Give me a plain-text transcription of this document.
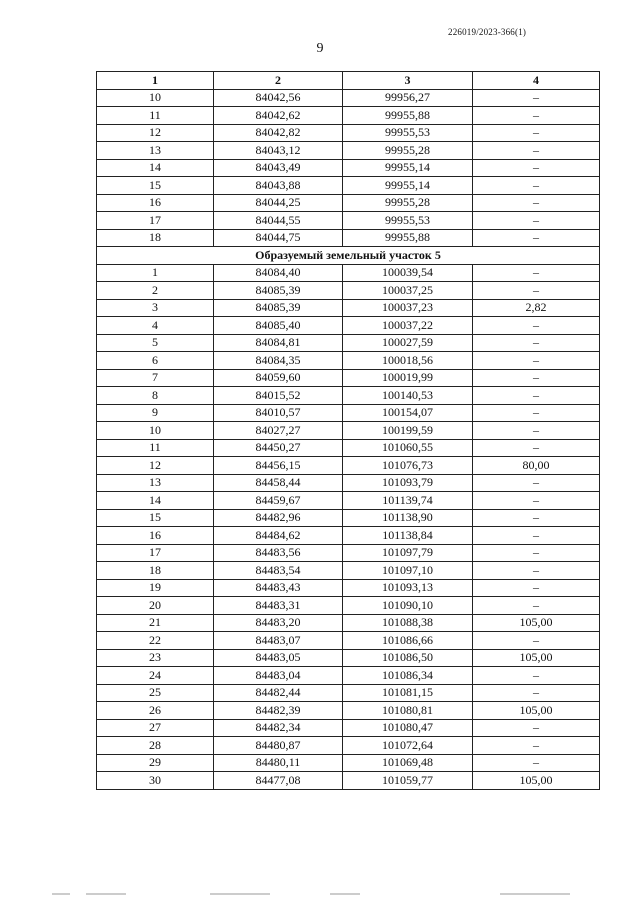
226019/2023-366(1)
9
1	2	3	4
10	84042,56	99956,27	–
11	84042,62	99955,88	–
12	84042,82	99955,53	–
13	84043,12	99955,28	–
14	84043,49	99955,14	–
15	84043,88	99955,14	–
16	84044,25	99955,28	–
17	84044,55	99955,53	–
18	84044,75	99955,88	–
Образуемый земельный участок 5			
1	84084,40	100039,54	–
2	84085,39	100037,25	–
3	84085,39	100037,23	2,82
4	84085,40	100037,22	–
5	84084,81	100027,59	–
6	84084,35	100018,56	–
7	84059,60	100019,99	–
8	84015,52	100140,53	–
9	84010,57	100154,07	–
10	84027,27	100199,59	–
11	84450,27	101060,55	–
12	84456,15	101076,73	80,00
13	84458,44	101093,79	–
14	84459,67	101139,74	–
15	84482,96	101138,90	–
16	84484,62	101138,84	–
17	84483,56	101097,79	–
18	84483,54	101097,10	–
19	84483,43	101093,13	–
20	84483,31	101090,10	–
21	84483,20	101088,38	105,00
22	84483,07	101086,66	–
23	84483,05	101086,50	105,00
24	84483,04	101086,34	–
25	84482,44	101081,15	–
26	84482,39	101080,81	105,00
27	84482,34	101080,47	–
28	84480,87	101072,64	–
29	84480,11	101069,48	–
30	84477,08	101059,77	105,00
